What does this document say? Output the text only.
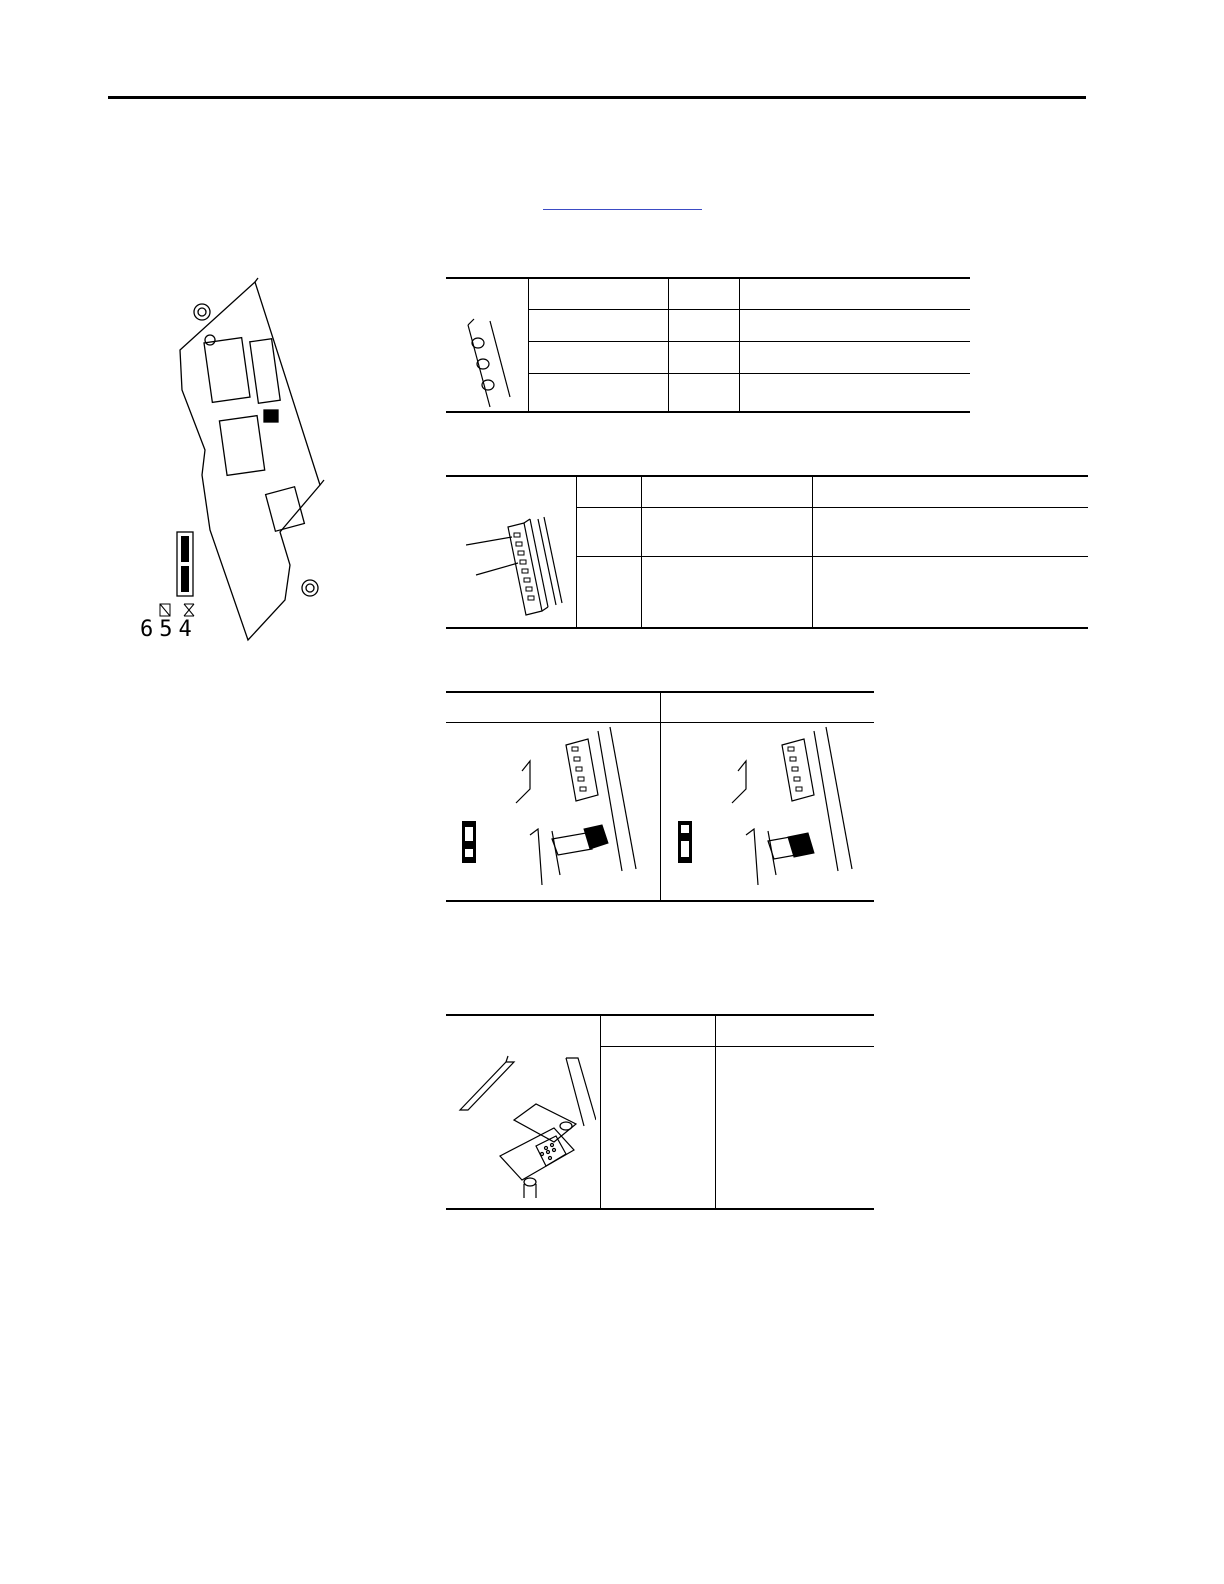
654
